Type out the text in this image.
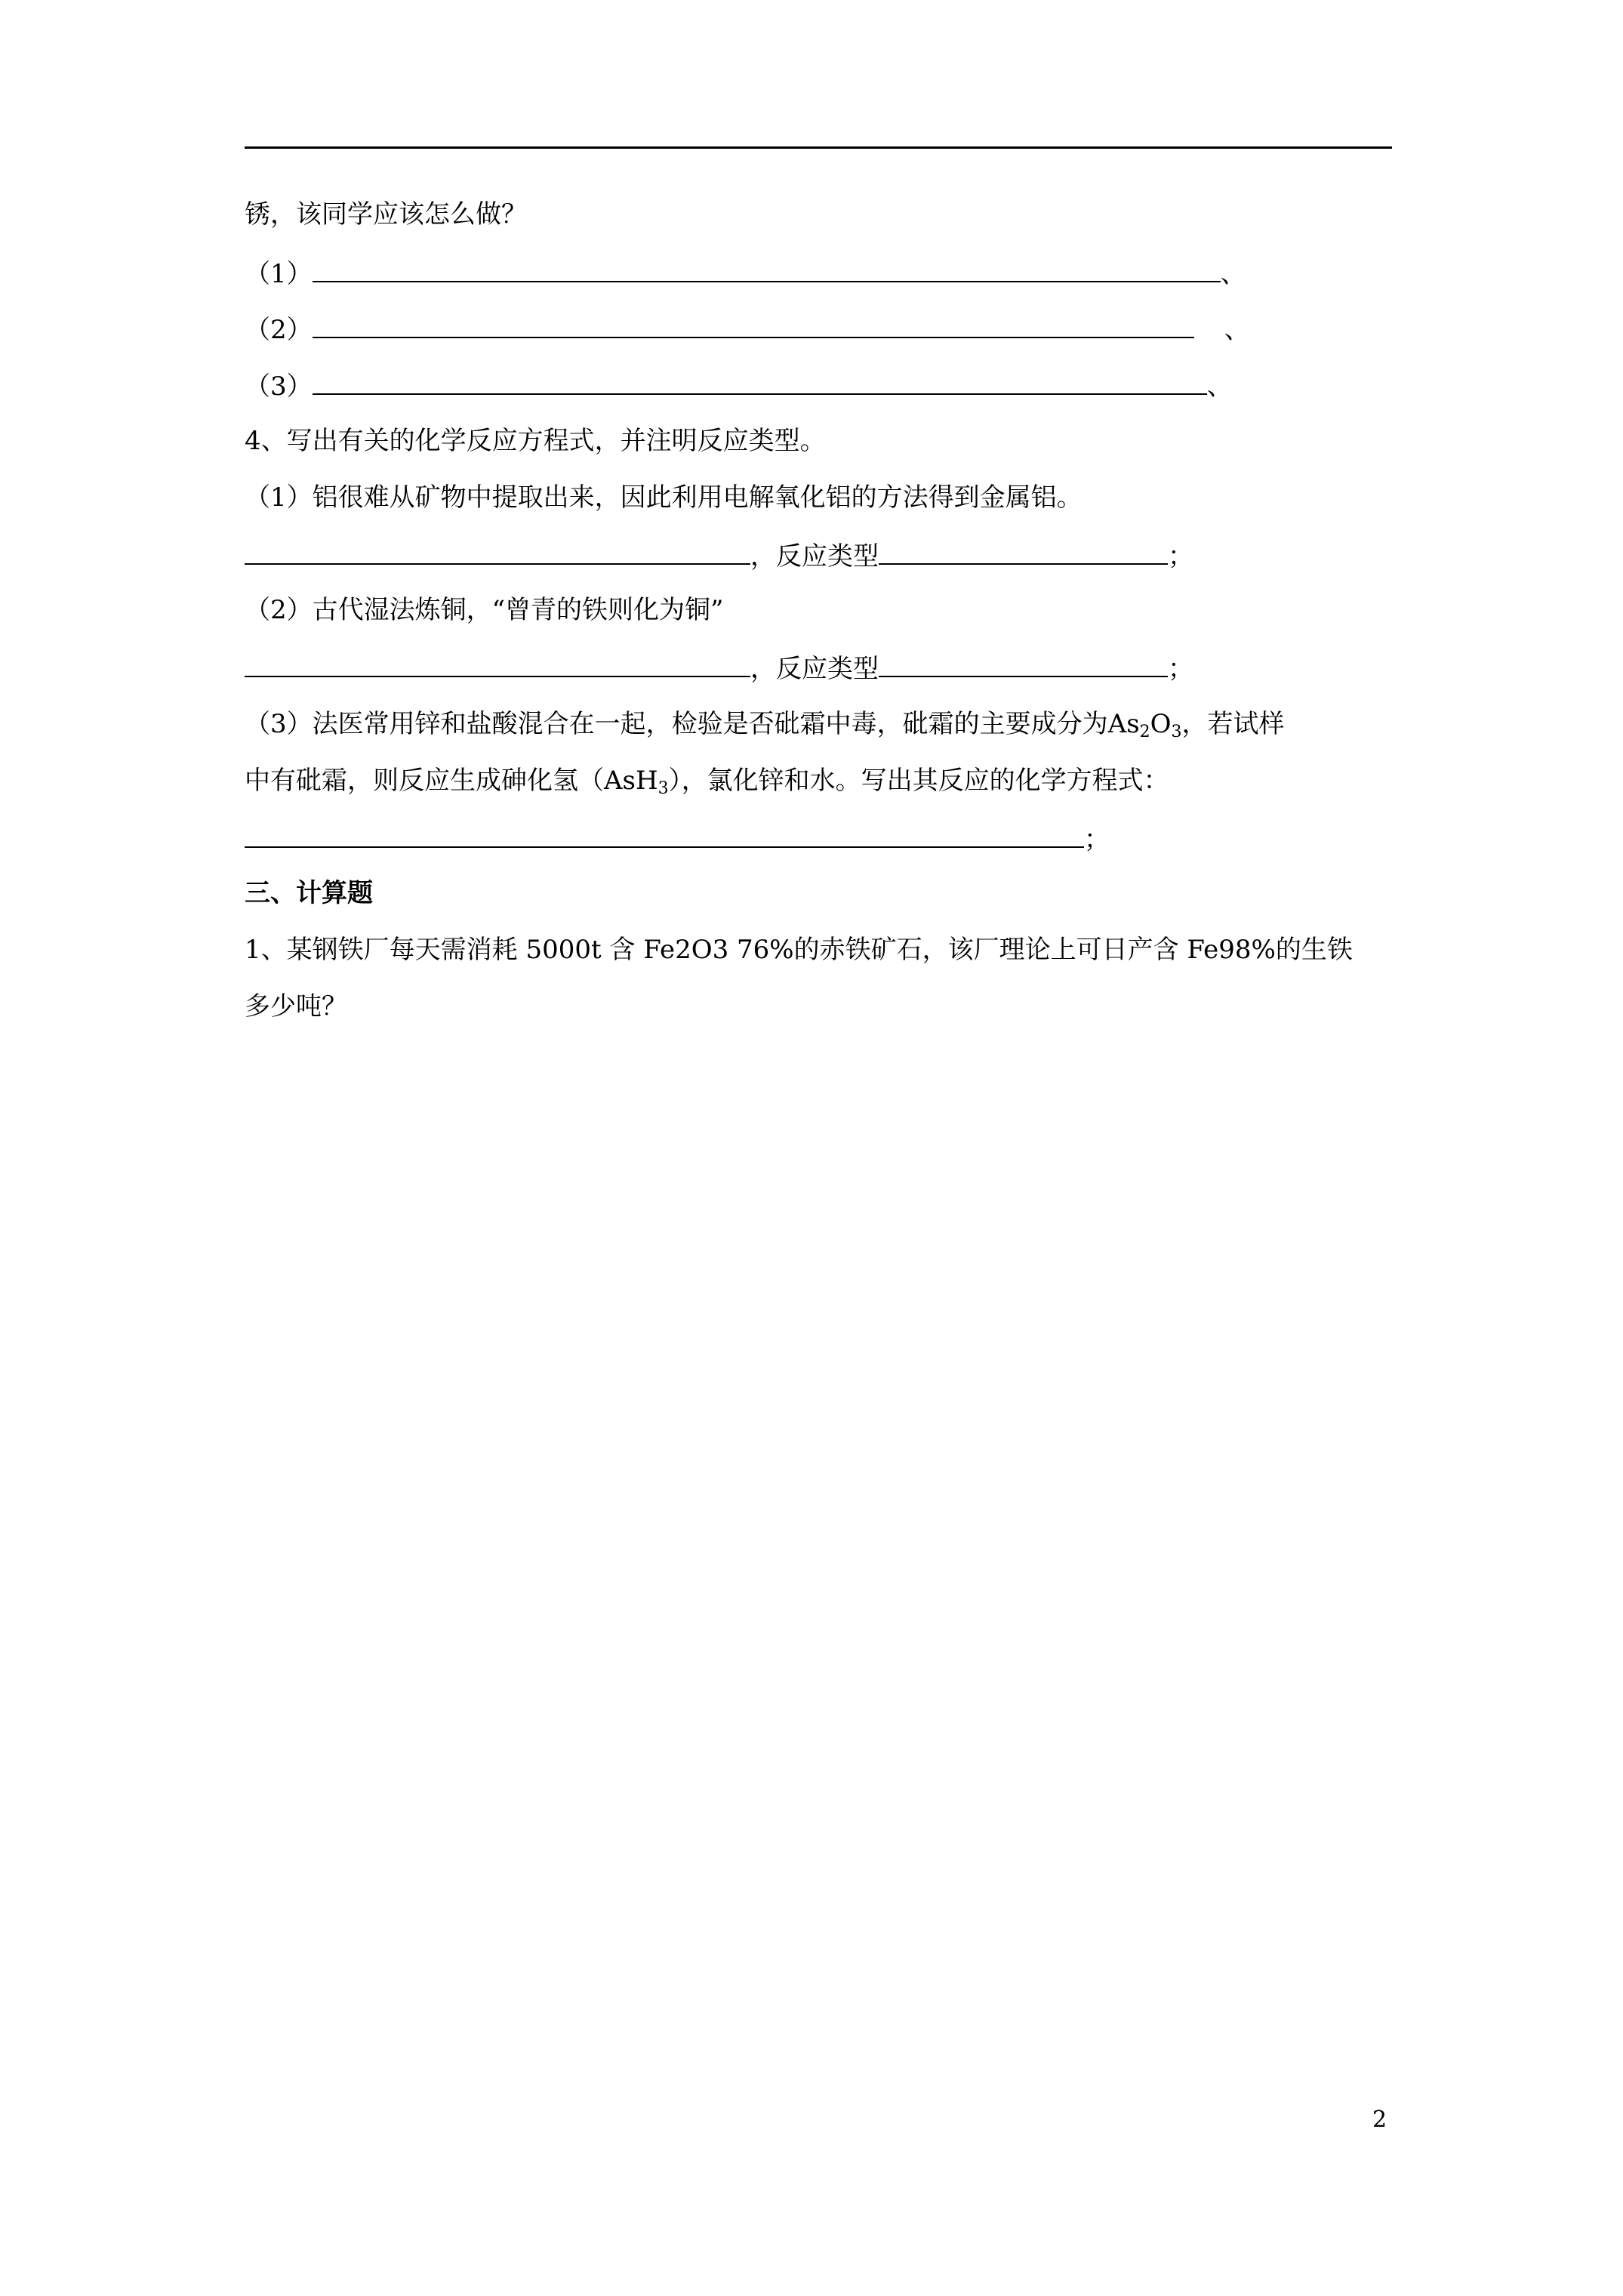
锈，该同学应该怎么做？
（1）	、
（2）	、
（3）	、
4、写出有关的化学反应方程式，并注明反应类型。
（1）铝很难从矿物中提取出来，因此利用电解氧化铝的方法得到金属铝。
，反应类型	；
（2）古代湿法炼铜，“曾青的铁则化为铜”
，反应类型	；
（3）法医常用锌和盐酸混合在一起，检验是否砒霜中毒，砒霜的主要成分为$As_2O_3$，若试样
中有砒霜，则反应生成砷化氢（AsH$_3$），氯化锌和水。写出其反应的化学方程式：
；
三、计算题
1、某钢铁厂每天需消耗 5000t 含 Fe2O3 76%的赤铁矿石，该厂理论上可日产含 Fe98%的生铁
多少吨？
2
